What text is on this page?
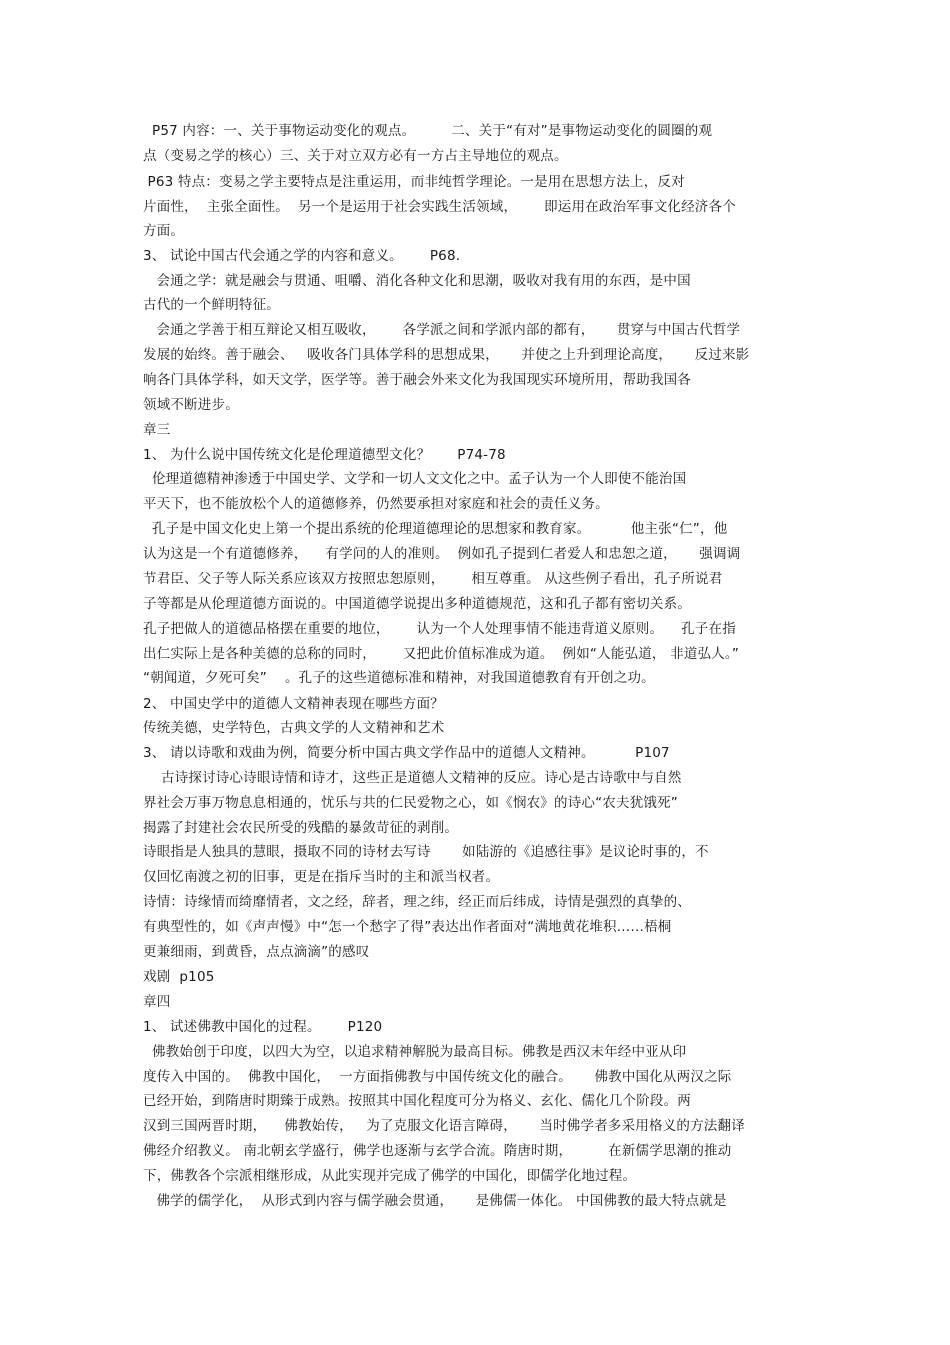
P57 内容：一、关于事物运动变化的观点。        二、关于“有对”是事物运动变化的圆圈的观
点（变易之学的核心）三、关于对立双方必有一方占主导地位的观点。
P63 特点：变易之学主要特点是注重运用，而非纯哲学理论。一是用在思想方法上，反对
片面性，  主张全面性。  另一个是运用于社会实践生活领域，      即运用在政治军事文化经济各个
方面。
3、 试论中国古代会通之学的内容和意义。      P68.
会通之学：就是融会与贯通、咀嚼、消化各种文化和思潮，吸收对我有用的东西，是中国
古代的一个鲜明特征。
会通之学善于相互辩论又相互吸收，      各学派之间和学派内部的都有，     贯穿与中国古代哲学
发展的始终。善于融会、   吸收各门具体学科的思想成果，     并使之上升到理论高度，     反过来影
响各门具体学科，如天文学，医学等。善于融会外来文化为我国现实环境所用，帮助我国各
领域不断进步。
章三
1、 为什么说中国传统文化是伦理道德型文化？      P74-78
伦理道德精神渗透于中国史学、文学和一切人文文化之中。孟子认为一个人即使不能治国
平天下，也不能放松个人的道德修养，仍然要承担对家庭和社会的责任义务。
孔子是中国文化史上第一个提出系统的伦理道德理论的思想家和教育家。         他主张“仁”，他
认为这是一个有道德修养，    有学问的人的准则。  例如孔子提到仁者爱人和忠恕之道，     强调调
节君臣、父子等人际关系应该双方按照忠恕原则，      相互尊重。 从这些例子看出，孔子所说君
子等都是从伦理道德方面说的。中国道德学说提出多种道德规范，这和孔子都有密切关系。
孔子把做人的道德品格摆在重要的地位，      认为一个人处理事情不能违背道义原则。    孔子在指
出仁实际上是各种美德的总称的同时，      又把此价值标准成为道。  例如“人能弘道， 非道弘人。”
“朝闻道，夕死可矣”    。孔子的这些道德标准和精神，对我国道德教育有开创之功。
2、 中国史学中的道德人文精神表现在哪些方面？
传统美德，史学特色，古典文学的人文精神和艺术
3、 请以诗歌和戏曲为例，简要分析中国古典文学作品中的道德人文精神。         P107
古诗探讨诗心诗眼诗情和诗才，这些正是道德人文精神的反应。诗心是古诗歌中与自然
界社会万事万物息息相通的，忧乐与共的仁民爱物之心，如《悯农》的诗心“农夫犹饿死”
揭露了封建社会农民所受的残酷的暴敛苛征的剥削。
诗眼指是人独具的慧眼，摄取不同的诗材去写诗       如陆游的《追感往事》是议论时事的，不
仅回忆南渡之初的旧事，更是在指斥当时的主和派当权者。
诗情：诗缘情而绮靡情者，文之经，辞者，理之纬，经正而后纬成，诗情是强烈的真挚的、
有典型性的，如《声声慢》中“怎一个愁字了得”表达出作者面对“满地黄花堆积……梧桐
更兼细雨，到黄昏，点点滴滴”的感叹
戏剧  p105
章四
1、 试述佛教中国化的过程。      P120
佛教始创于印度，以四大为空，以追求精神解脱为最高目标。佛教是西汉末年经中亚从印
度传入中国的。  佛教中国化，  一方面指佛教与中国传统文化的融合。     佛教中国化从两汉之际
已经开始，到隋唐时期臻于成熟。按照其中国化程度可分为格义、玄化、儒化几个阶段。两
汉到三国两晋时期，    佛教始传，   为了克服文化语言障碍，     当时佛学者多采用格义的方法翻译
佛经介绍教义。 南北朝玄学盛行，佛学也逐渐与玄学合流。隋唐时期，        在新儒学思潮的推动
下，佛教各个宗派相继形成，从此实现并完成了佛学的中国化，即儒学化地过程。
佛学的儒学化，  从形式到内容与儒学融会贯通，     是佛儒一体化。 中国佛教的最大特点就是
